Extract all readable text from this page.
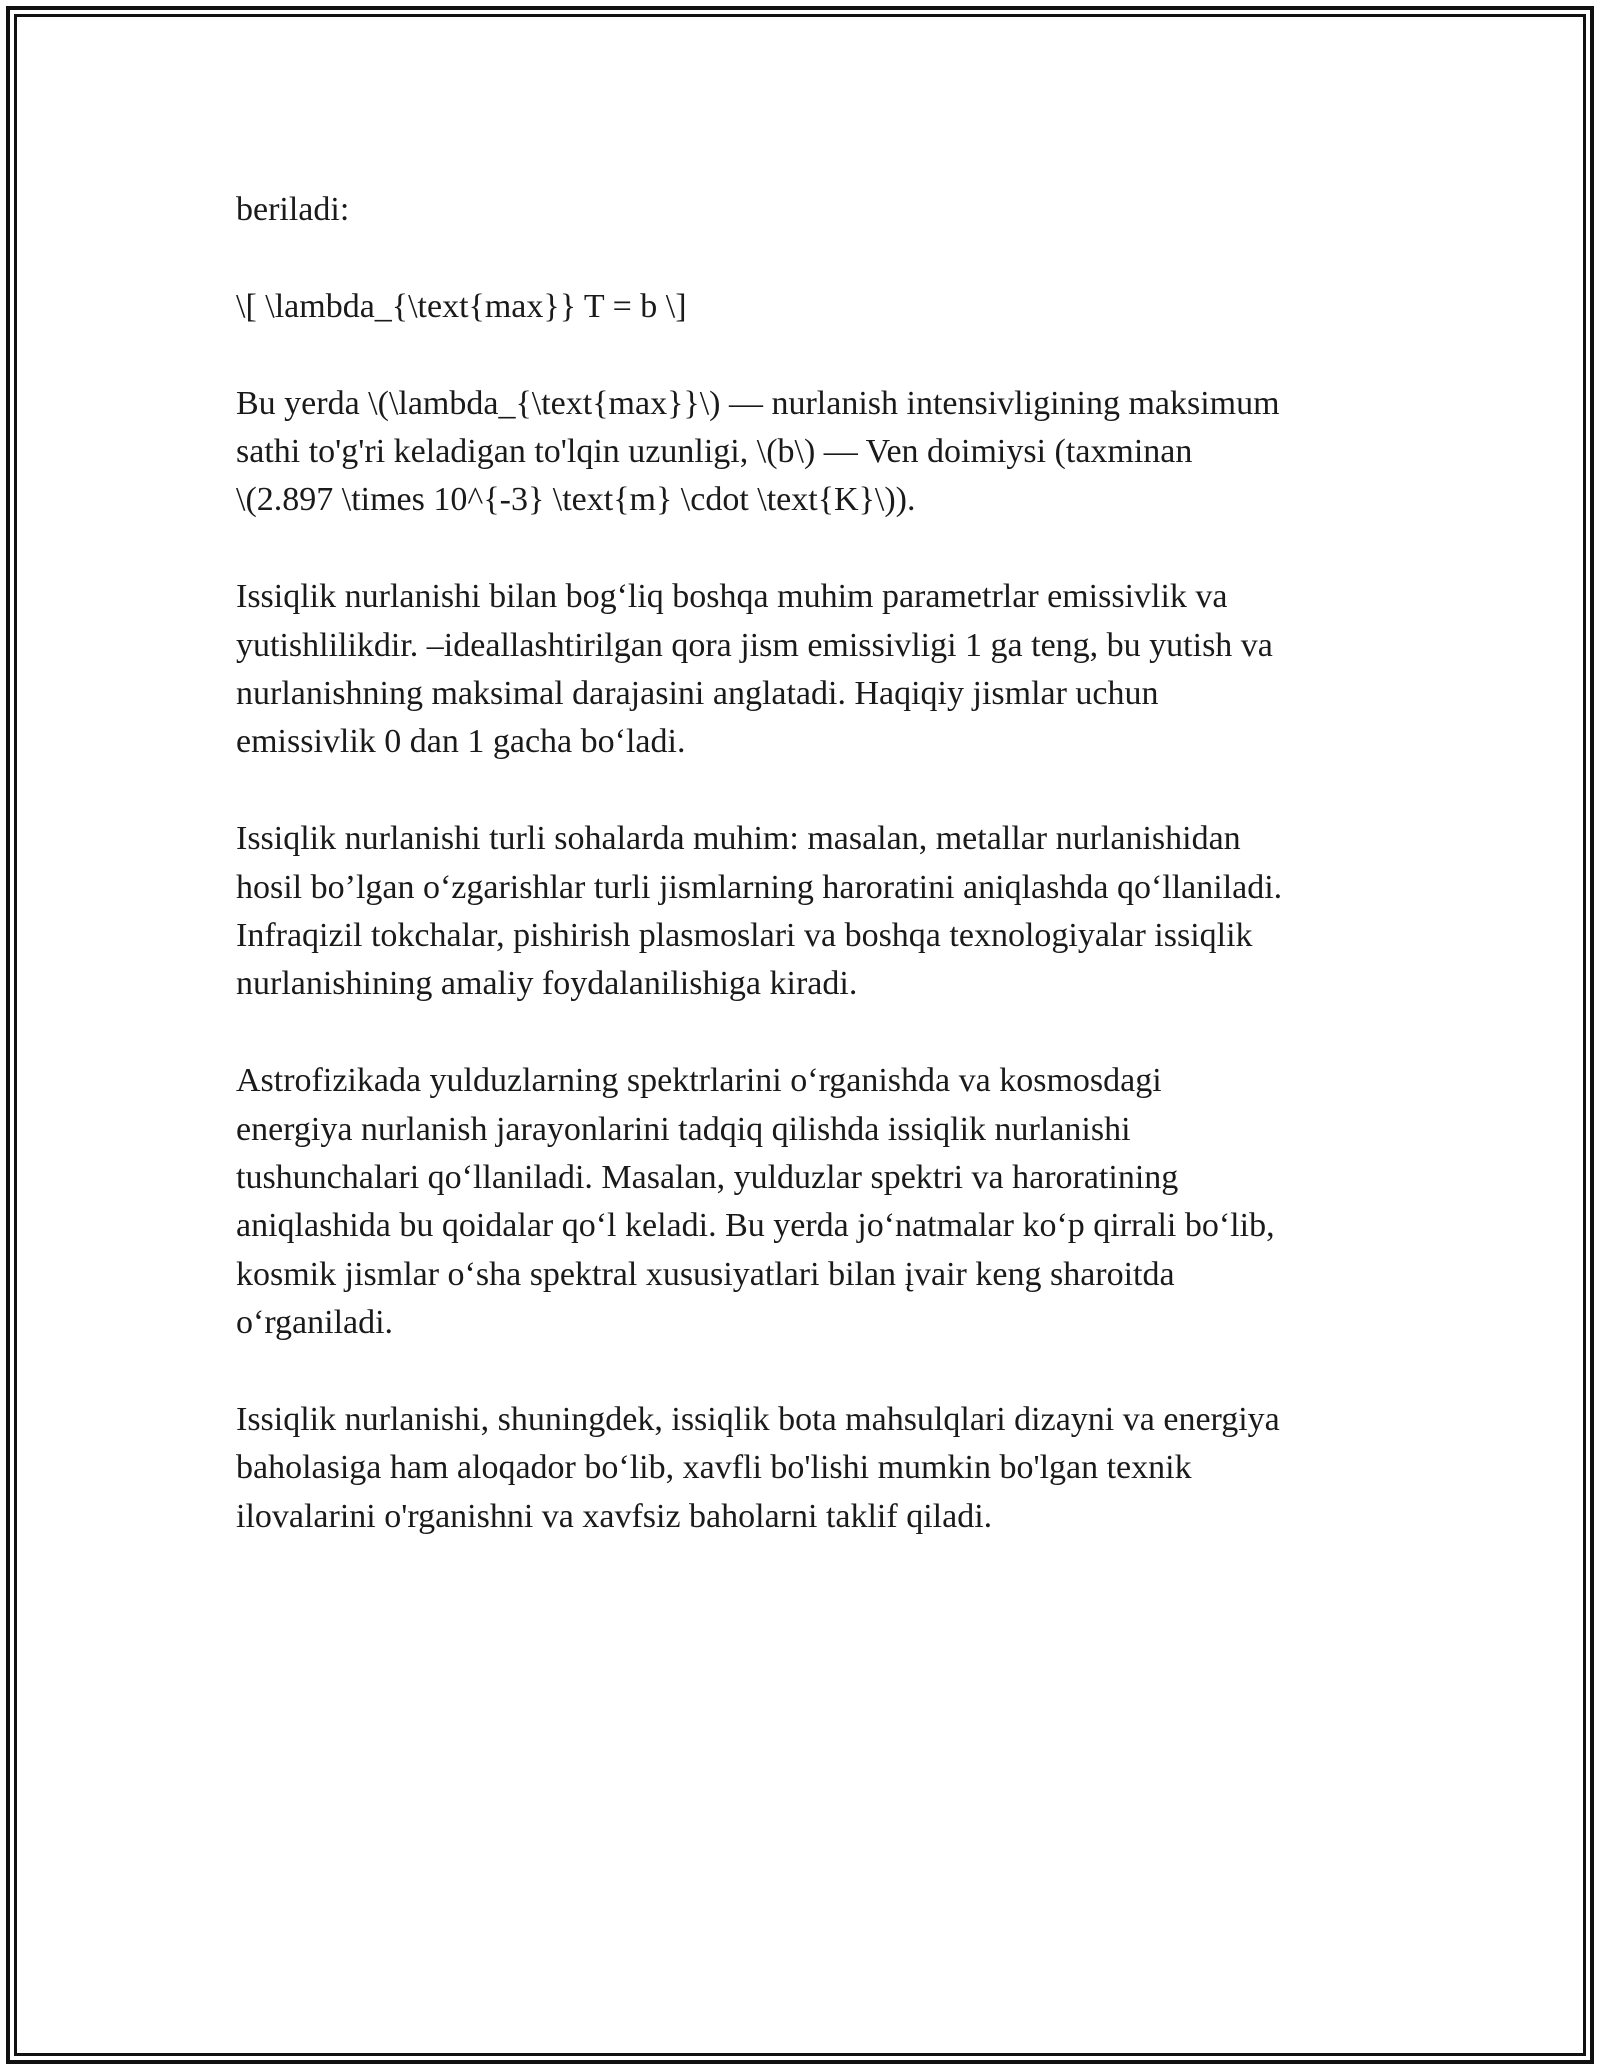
beriladi:

\[ \lambda_{\text{max}} T = b \]

Bu yerda \(\lambda_{\text{max}}\) — nurlanish intensivligining maksimum
sathi to'g'ri keladigan to'lqin uzunligi, \(b\) — Ven doimiysi (taxminan
\(2.897 \times 10^{-3} \text{m} \cdot \text{K}\)).

Issiqlik nurlanishi bilan bog‘liq boshqa muhim parametrlar emissivlik va
yutishlilikdir. –ideallashtirilgan qora jism emissivligi 1 ga teng, bu yutish va
nurlanishning maksimal darajasini anglatadi. Haqiqiy jismlar uchun
emissivlik 0 dan 1 gacha bo‘ladi.

Issiqlik nurlanishi turli sohalarda muhim: masalan, metallar nurlanishidan
hosil bo’lgan o‘zgarishlar turli jismlarning haroratini aniqlashda qo‘llaniladi.
Infraqizil tokchalar, pishirish plasmoslari va boshqa texnologiyalar issiqlik
nurlanishining amaliy foydalanilishiga kiradi.

Astrofizikada yulduzlarning spektrlarini o‘rganishda va kosmosdagi
energiya nurlanish jarayonlarini tadqiq qilishda issiqlik nurlanishi
tushunchalari qo‘llaniladi. Masalan, yulduzlar spektri va haroratining
aniqlashida bu qoidalar qo‘l keladi. Bu yerda jo‘natmalar ko‘p qirrali bo‘lib,
kosmik jismlar o‘sha spektral xususiyatlari bilan įvair keng sharoitda
o‘rganiladi.

Issiqlik nurlanishi, shuningdek, issiqlik bota mahsulqlari dizayni va energiya
baholasiga ham aloqador bo‘lib, xavfli bo'lishi mumkin bo'lgan texnik
ilovalarini o'rganishni va xavfsiz baholarni taklif qiladi.
